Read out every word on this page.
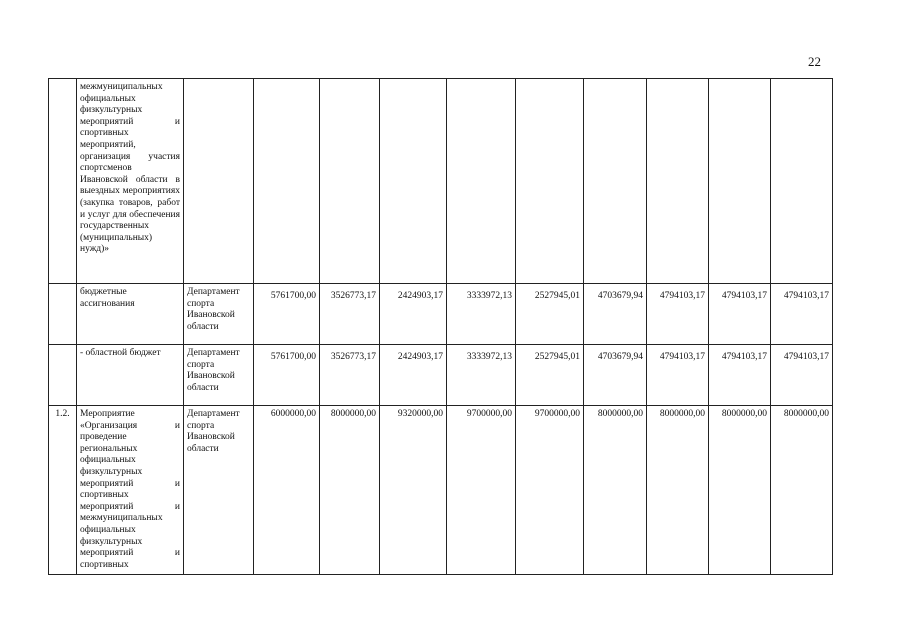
22
	межмуниципальных официальных физкультурных мероприятий и спортивных мероприятий, организация участия спортсменов Ивановской области в выездных мероприятиях (закупка товаров, работ и услуг для обеспечения государственных (муниципальных) нужд)»										
	бюджетные ассигнования	Департамент спорта Ивановской области	5761700,00	3526773,17	2424903,17	3333972,13	2527945,01	4703679,94	4794103,17	4794103,17	4794103,17
	- областной бюджет	Департамент спорта Ивановской области	5761700,00	3526773,17	2424903,17	3333972,13	2527945,01	4703679,94	4794103,17	4794103,17	4794103,17
1.2.	Мероприятие «Организация и проведение региональных официальных физкультурных мероприятий и спортивных мероприятий и межмуниципальных официальных физкультурных мероприятий и спортивных	Департамент спорта Ивановской области	6000000,00	8000000,00	9320000,00	9700000,00	9700000,00	8000000,00	8000000,00	8000000,00	8000000,00
